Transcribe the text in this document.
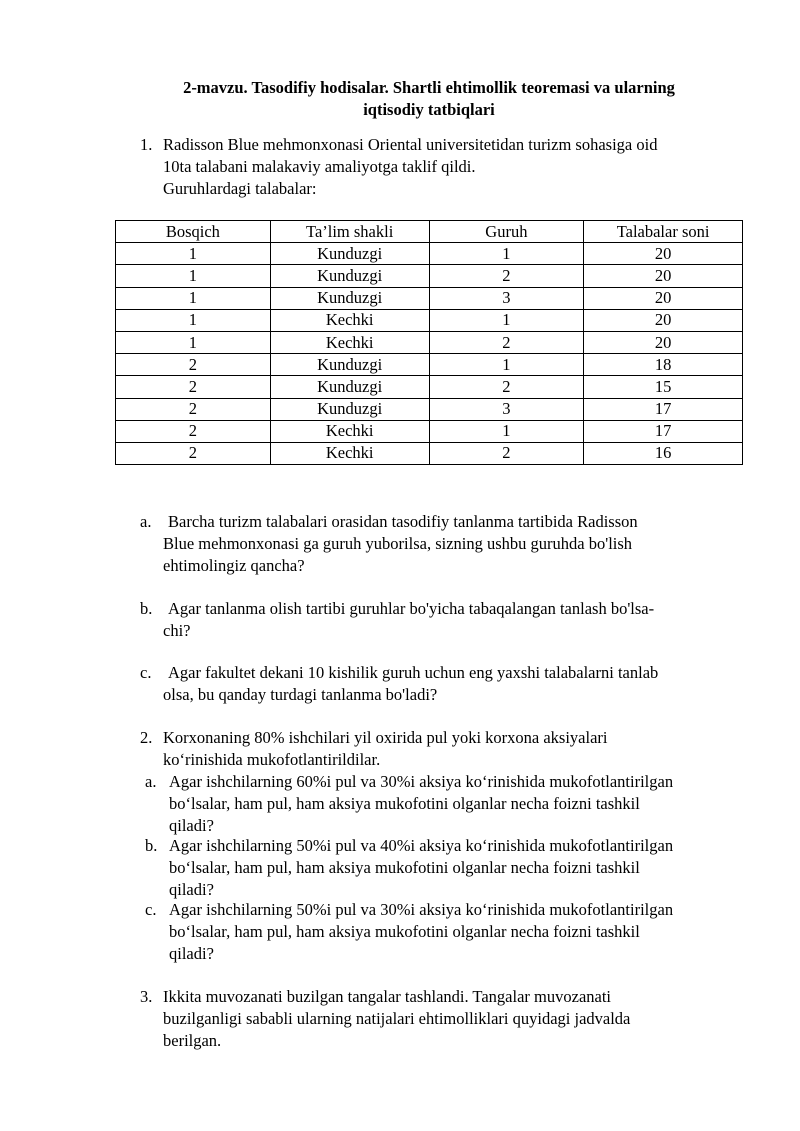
2-mavzu. Tasodifiy hodisalar. Shartli ehtimollik teoremasi va ularning
iqtisodiy tatbiqlari
1. Radisson Blue mehmonxonasi Oriental universitetidan turizm sohasiga oid
10ta talabani malakaviy amaliyotga taklif qildi.
Guruhlardagi talabalar:
Bosqich	Ta’lim shakli	Guruh	Talabalar soni
1	Kunduzgi	1	20
1	Kunduzgi	2	20
1	Kunduzgi	3	20
1	Kechki	1	20
1	Kechki	2	20
2	Kunduzgi	1	18
2	Kunduzgi	2	15
2	Kunduzgi	3	17
2	Kechki	1	17
2	Kechki	2	16
a.	Barcha turizm talabalari orasidan tasodifiy tanlanma tartibida Radisson
Blue mehmonxonasi ga guruh yuborilsa, sizning ushbu guruhda bo'lish
ehtimolingiz qancha?
b. Agar tanlanma olish tartibi guruhlar bo'yicha tabaqalangan tanlash bo'lsa-
chi?
c.	Agar fakultet dekani 10 kishilik guruh uchun eng yaxshi talabalarni tanlab
olsa, bu qanday turdagi tanlanma bo'ladi?
2. Korxonaning 80% ishchilari yil oxirida pul yoki korxona aksiyalari
ko‘rinishida mukofotlantirildilar.
a. Agar ishchilarning 60%i pul va 30%i aksiya ko‘rinishida mukofotlantirilgan
bo‘lsalar, ham pul, ham aksiya mukofotini olganlar necha foizni tashkil
qiladi?
b. Agar ishchilarning 50%i pul va 40%i aksiya ko‘rinishida mukofotlantirilgan
bo‘lsalar, ham pul, ham aksiya mukofotini olganlar necha foizni tashkil
qiladi?
c. Agar ishchilarning 50%i pul va 30%i aksiya ko‘rinishida mukofotlantirilgan
bo‘lsalar, ham pul, ham aksiya mukofotini olganlar necha foizni tashkil
qiladi?
3. Ikkita muvozanati buzilgan tangalar tashlandi. Tangalar muvozanati
buzilganligi sababli ularning natijalari ehtimolliklari quyidagi jadvalda
berilgan.
